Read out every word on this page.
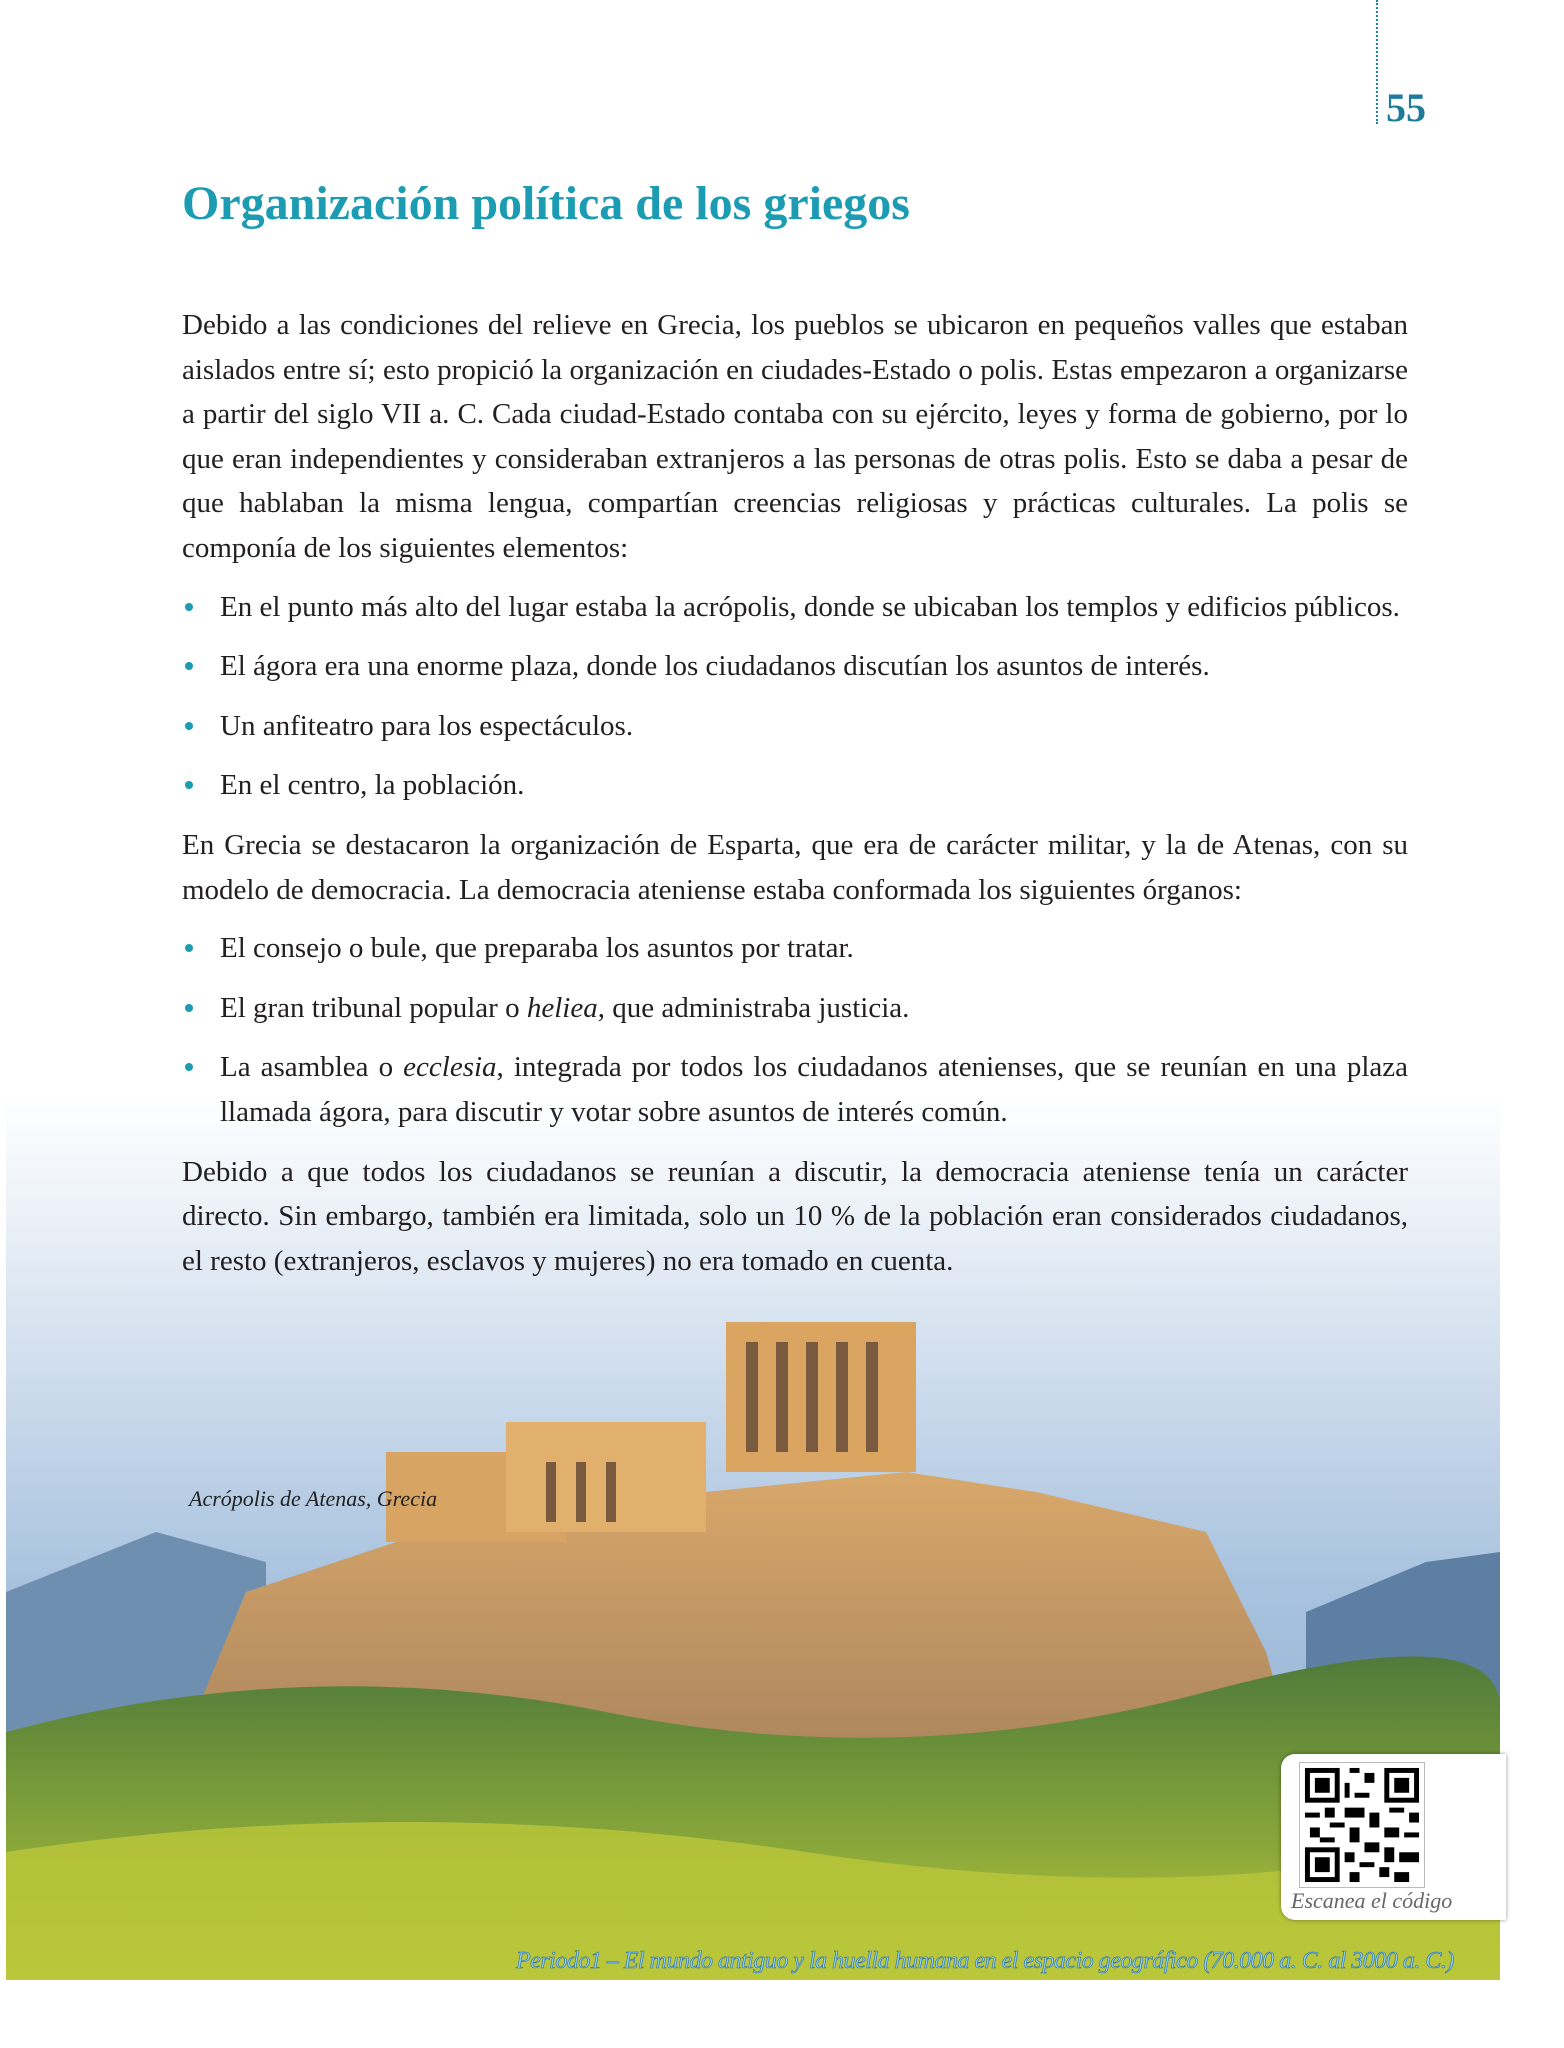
55
Organización política de los griegos

Debido a las condiciones del relieve en Grecia, los pueblos se ubicaron en pequeños valles que estaban aislados entre sí; esto propició la organización en ciudades-Estado o polis. Estas empezaron a organizarse a partir del siglo VII a. C. Cada ciudad-Estado contaba con su ejército, leyes y forma de gobierno, por lo que eran independientes y consideraban extranjeros a las personas de otras polis. Esto se daba a pesar de que hablaban la misma lengua, compartían creencias religiosas y prácticas culturales. La polis se componía de los siguientes elementos:

En el punto más alto del lugar estaba la acrópolis, donde se ubicaban los templos y edificios públicos.
El ágora era una enorme plaza, donde los ciudadanos discutían los asuntos de interés.
Un anfiteatro para los espectáculos.
En el centro, la población.

En Grecia se destacaron la organización de Esparta, que era de carácter militar, y la de Atenas, con su modelo de democracia. La democracia ateniense estaba conformada los siguientes órganos:

El consejo o bule, que preparaba los asuntos por tratar.
El gran tribunal popular o heliea, que administraba justicia.
La asamblea o ecclesia, integrada por todos los ciudadanos atenienses, que se reunían en una plaza llamada ágora, para discutir y votar sobre asuntos de interés común.

Debido a que todos los ciudadanos se reunían a discutir, la democracia ateniense tenía un carácter directo. Sin embargo, también era limitada, solo un 10 % de la población eran considerados ciudadanos, el resto (extranjeros, esclavos y mujeres) no era tomado en cuenta.

Acrópolis de Atenas, Grecia
Escanea el código
Periodo1 – El mundo antiguo y la huella humana en el espacio geográfico (70.000 a. C. al 3000 a. C.)
